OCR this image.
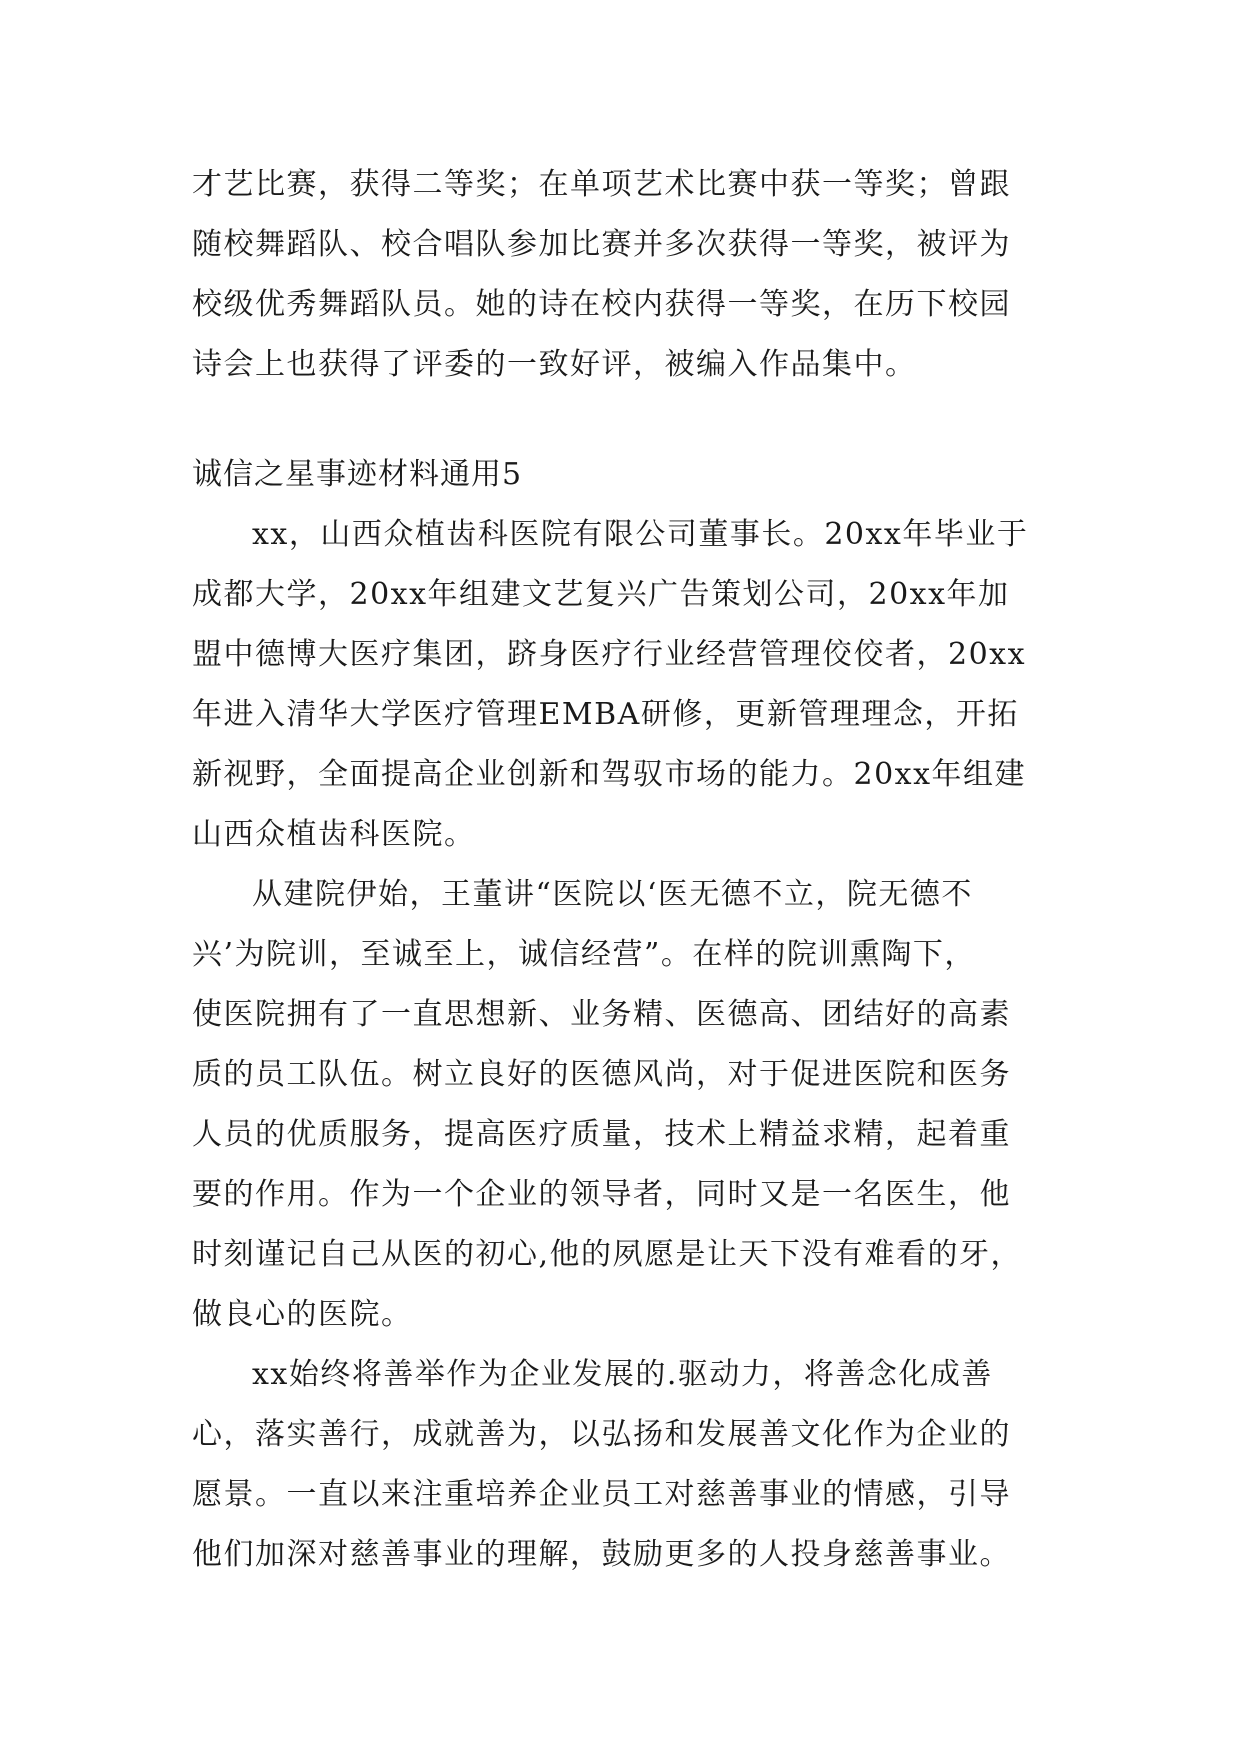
才艺比赛，获得二等奖；在单项艺术比赛中获一等奖；曾跟
随校舞蹈队、校合唱队参加比赛并多次获得一等奖，被评为
校级优秀舞蹈队员。她的诗在校内获得一等奖，在历下校园
诗会上也获得了评委的一致好评，被编入作品集中。
诚信之星事迹材料通用5
xx，山西众植齿科医院有限公司董事长。20xx年毕业于
成都大学，20xx年组建文艺复兴广告策划公司，20xx年加
盟中德博大医疗集团，跻身医疗行业经营管理佼佼者，20xx
年进入清华大学医疗管理EMBA研修，更新管理理念，开拓
新视野，全面提高企业创新和驾驭市场的能力。20xx年组建
山西众植齿科医院。
从建院伊始，王董讲“医院以‘医无德不立，院无德不
兴’为院训，至诚至上，诚信经营”。在样的院训熏陶下，
使医院拥有了一直思想新、业务精、医德高、团结好的高素
质的员工队伍。树立良好的医德风尚，对于促进医院和医务
人员的优质服务，提高医疗质量，技术上精益求精，起着重
要的作用。作为一个企业的领导者，同时又是一名医生，他
时刻谨记自己从医的初心,他的夙愿是让天下没有难看的牙，
做良心的医院。
xx始终将善举作为企业发展的.驱动力，将善念化成善
心，落实善行，成就善为，以弘扬和发展善文化作为企业的
愿景。一直以来注重培养企业员工对慈善事业的情感，引导
他们加深对慈善事业的理解，鼓励更多的人投身慈善事业。
